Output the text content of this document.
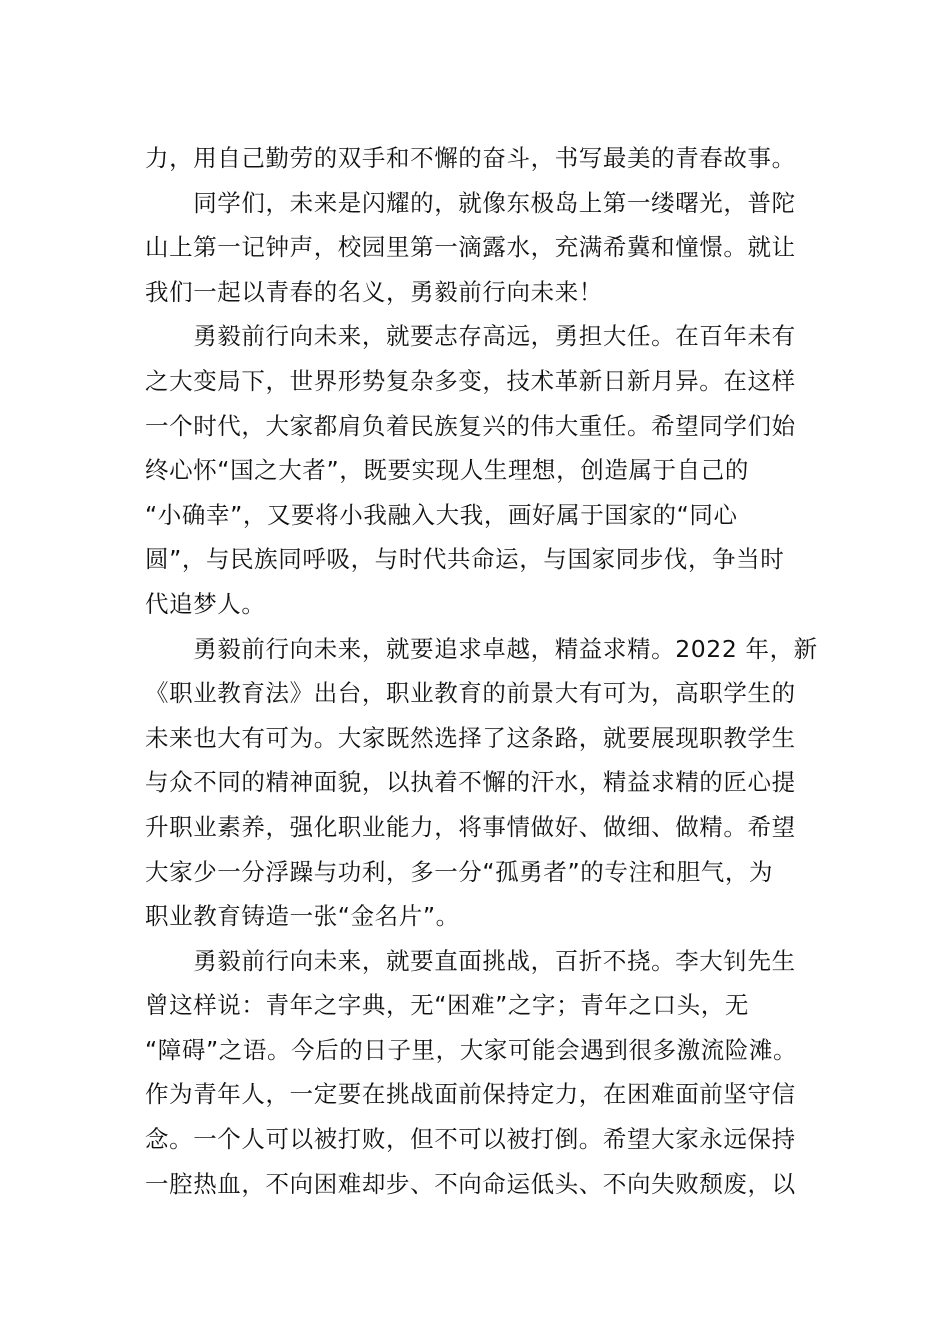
力，用自己勤劳的双手和不懈的奋斗，书写最美的青春故事。
　　同学们，未来是闪耀的，就像东极岛上第一缕曙光，普陀
山上第一记钟声，校园里第一滴露水，充满希冀和憧憬。就让
我们一起以青春的名义，勇毅前行向未来！
　　勇毅前行向未来，就要志存高远，勇担大任。在百年未有
之大变局下，世界形势复杂多变，技术革新日新月异。在这样
一个时代，大家都肩负着民族复兴的伟大重任。希望同学们始
终心怀“国之大者”，既要实现人生理想，创造属于自己的
“小确幸”，又要将小我融入大我，画好属于国家的“同心
圆”，与民族同呼吸，与时代共命运，与国家同步伐，争当时
代追梦人。
　　勇毅前行向未来，就要追求卓越，精益求精。2022 年，新
《职业教育法》出台，职业教育的前景大有可为，高职学生的
未来也大有可为。大家既然选择了这条路，就要展现职教学生
与众不同的精神面貌，以执着不懈的汗水，精益求精的匠心提
升职业素养，强化职业能力，将事情做好、做细、做精。希望
大家少一分浮躁与功利，多一分“孤勇者”的专注和胆气，为
职业教育铸造一张“金名片”。
　　勇毅前行向未来，就要直面挑战，百折不挠。李大钊先生
曾这样说：青年之字典，无“困难”之字；青年之口头，无
“障碍”之语。今后的日子里，大家可能会遇到很多激流险滩。
作为青年人，一定要在挑战面前保持定力，在困难面前坚守信
念。一个人可以被打败，但不可以被打倒。希望大家永远保持
一腔热血，不向困难却步、不向命运低头、不向失败颓废，以
